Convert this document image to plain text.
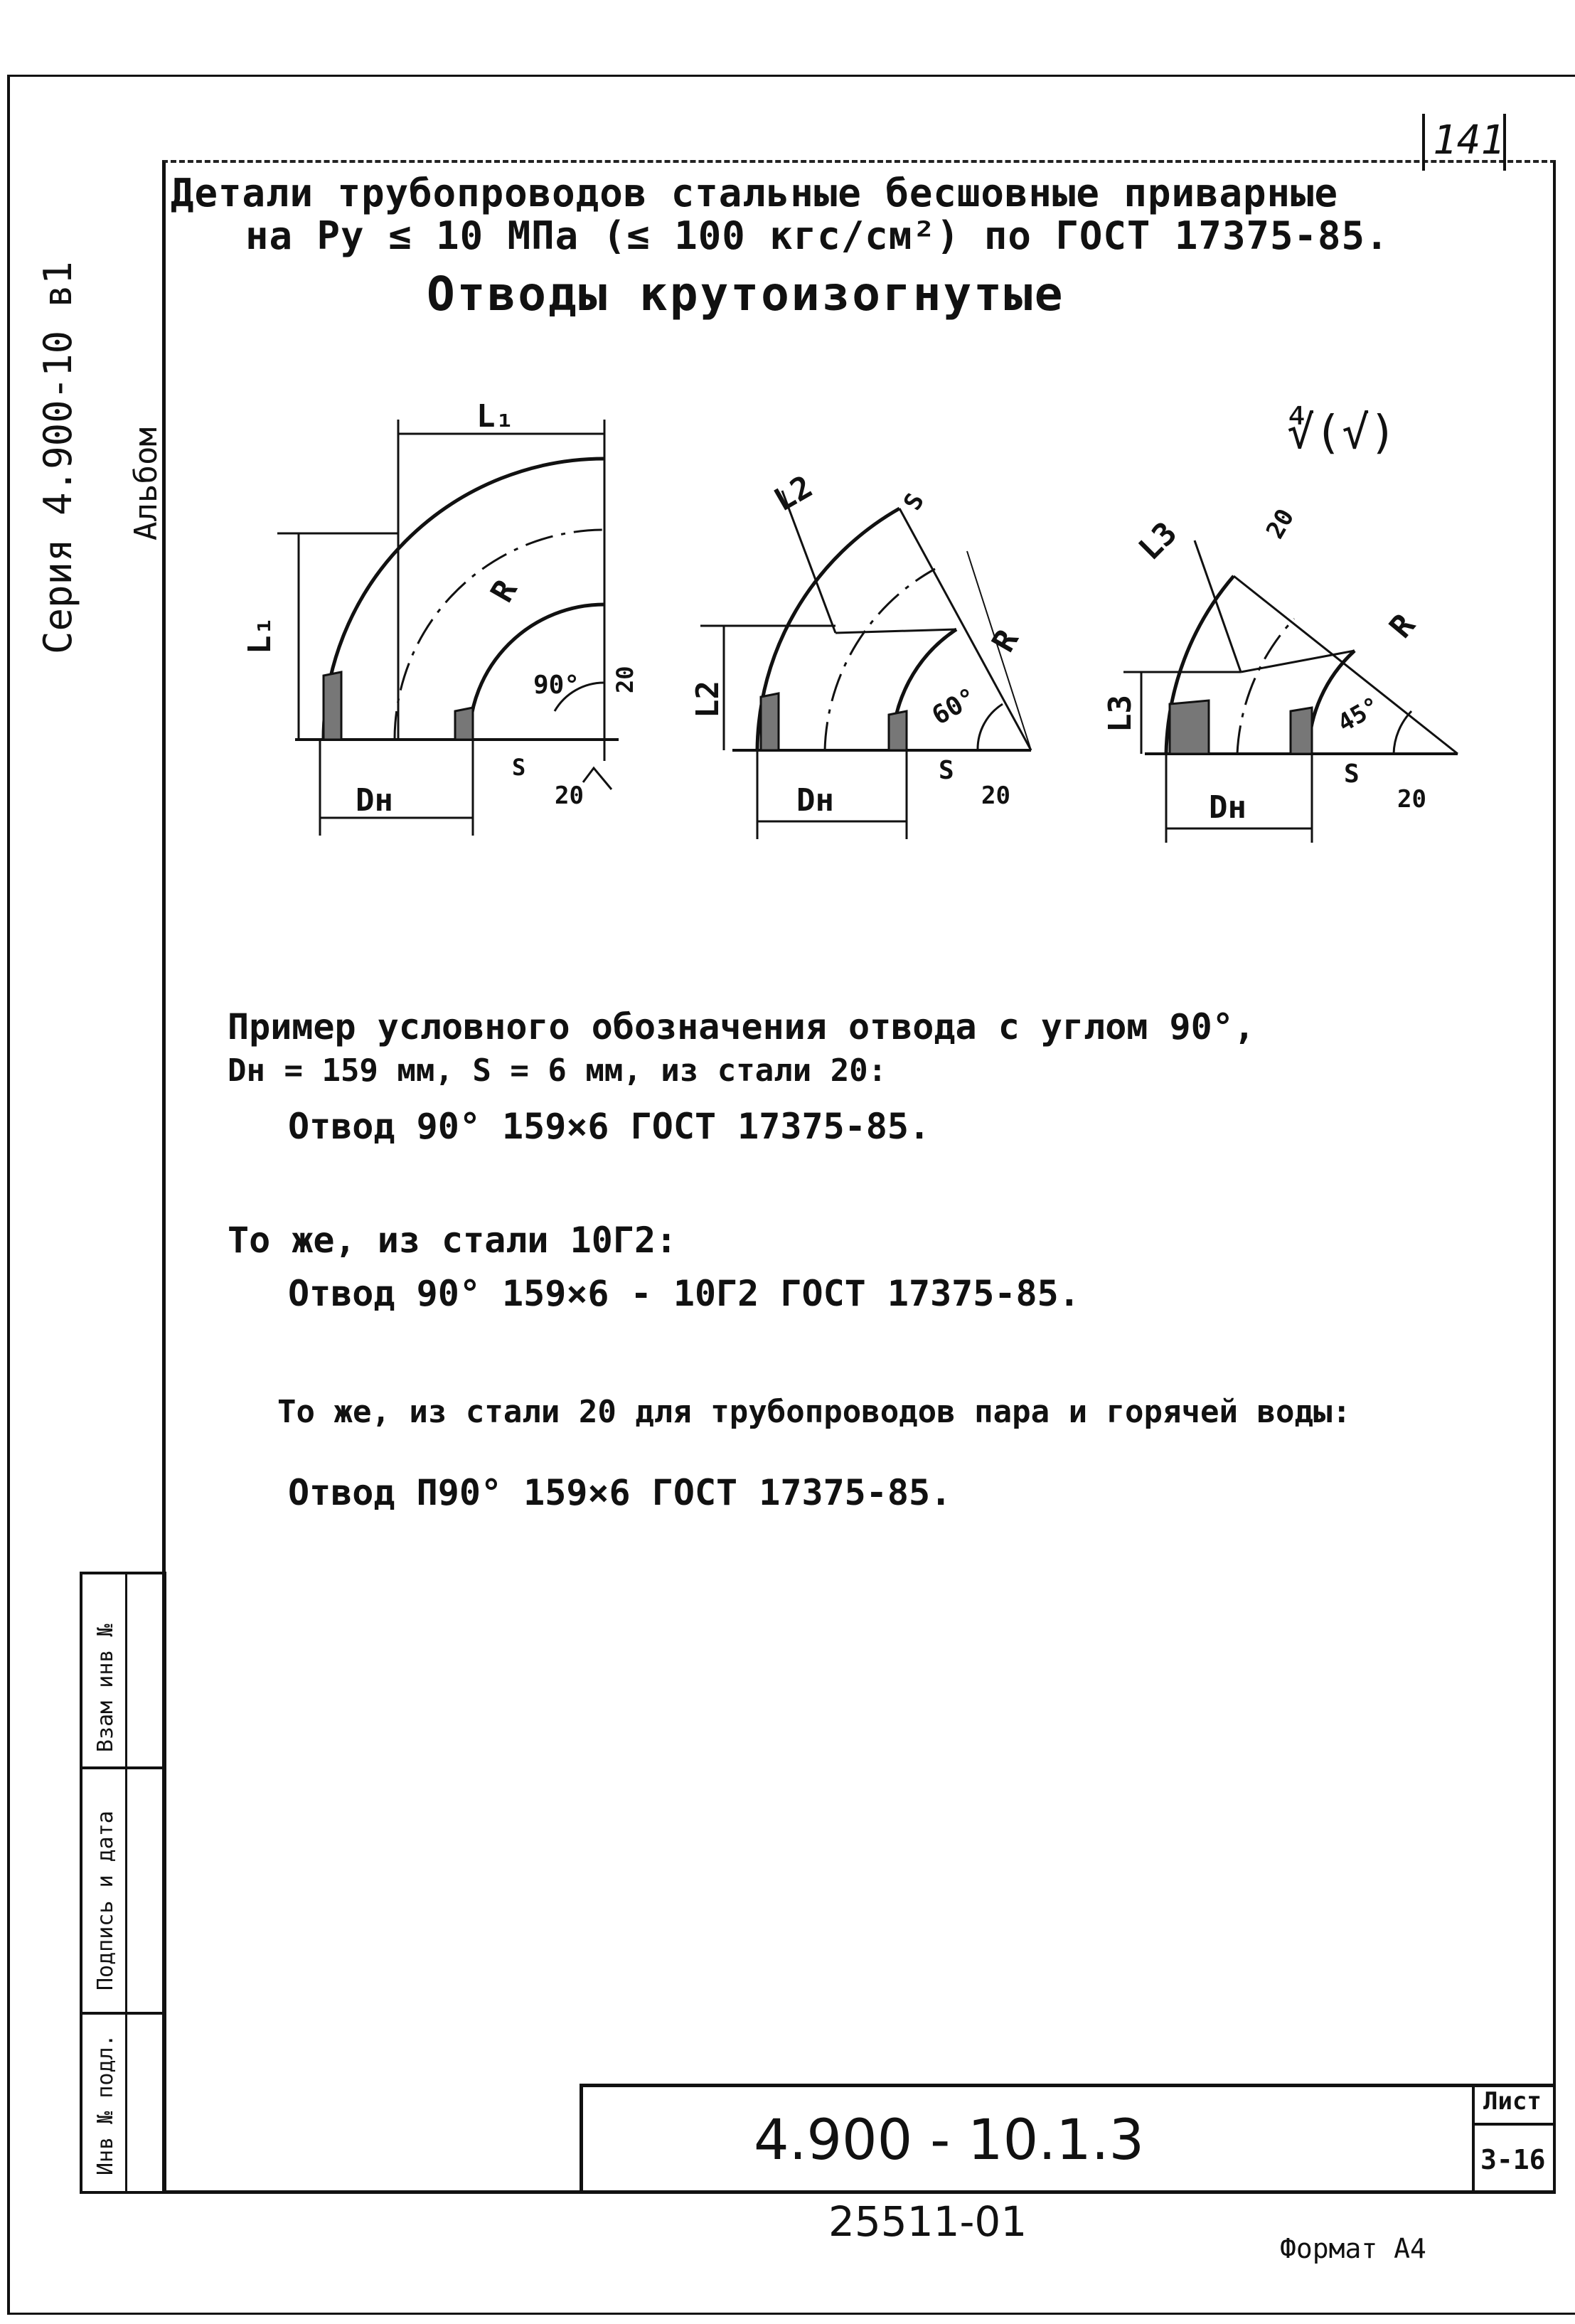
141
Детали трубопроводов стальные бесшовные приварные
на Ру ≤ 10 МПа (≤ 100 кгс/см²) по ГОСТ 17375-85.
Отводы крутоизогнутые
Серия 4.900-10 в1 Альбом
Инв № подл.
Подпись и дата
Взам инв №
L₁
L₁
Dн
R
90°
S
20
20
L2
L2
Dн
R
S
60°
S
20
L3
L3
Dн
R
20
45°
S
20
∜(√)
Пример условного обозначения отвода с углом 90°,
Dн = 159 мм, S = 6 мм, из стали 20:
Отвод 90° 159×6 ГОСТ 17375-85.
То же, из стали 10Г2:
Отвод 90° 159×6 - 10Г2 ГОСТ 17375-85.
То же, из стали 20 для трубопроводов пара и горячей воды:
Отвод П90° 159×6 ГОСТ 17375-85.
4.900 - 10.1.3
Лист
3-16
25511-01
Формат А4
